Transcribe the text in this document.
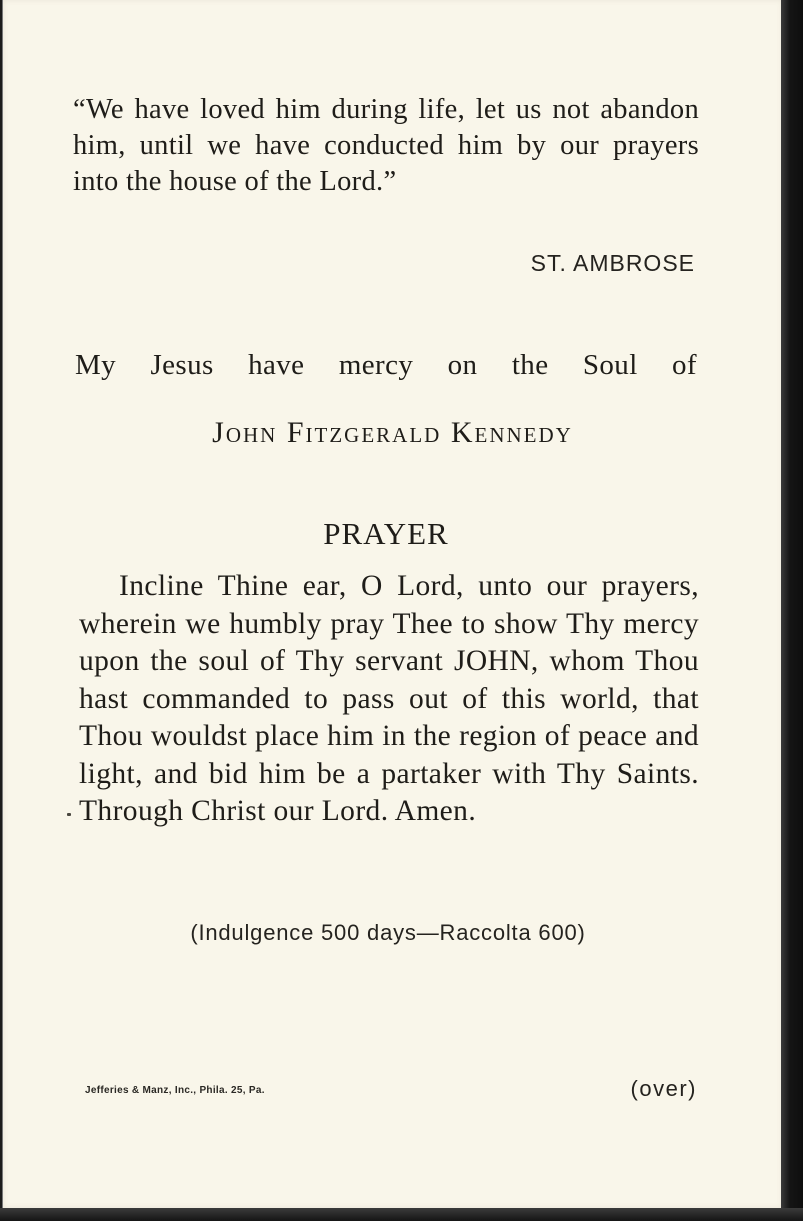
“We have loved him during life, let us not abandon him, until we have conducted him by our prayers into the house of the Lord.”

ST. AMBROSE
My Jesus have mercy on the Soul of
John Fitzgerald Kennedy
PRAYER

Incline Thine ear, O Lord, unto our prayers, wherein we humbly pray Thee to show Thy mercy upon the soul of Thy servant JOHN, whom Thou hast commanded to pass out of this world, that Thou wouldst place him in the region of peace and light, and bid him be a partaker with Thy Saints. Through Christ our Lord. Amen.

(Indulgence 500 days—Raccolta 600)
Jefferies & Manz, Inc., Phila. 25, Pa.	(over)
